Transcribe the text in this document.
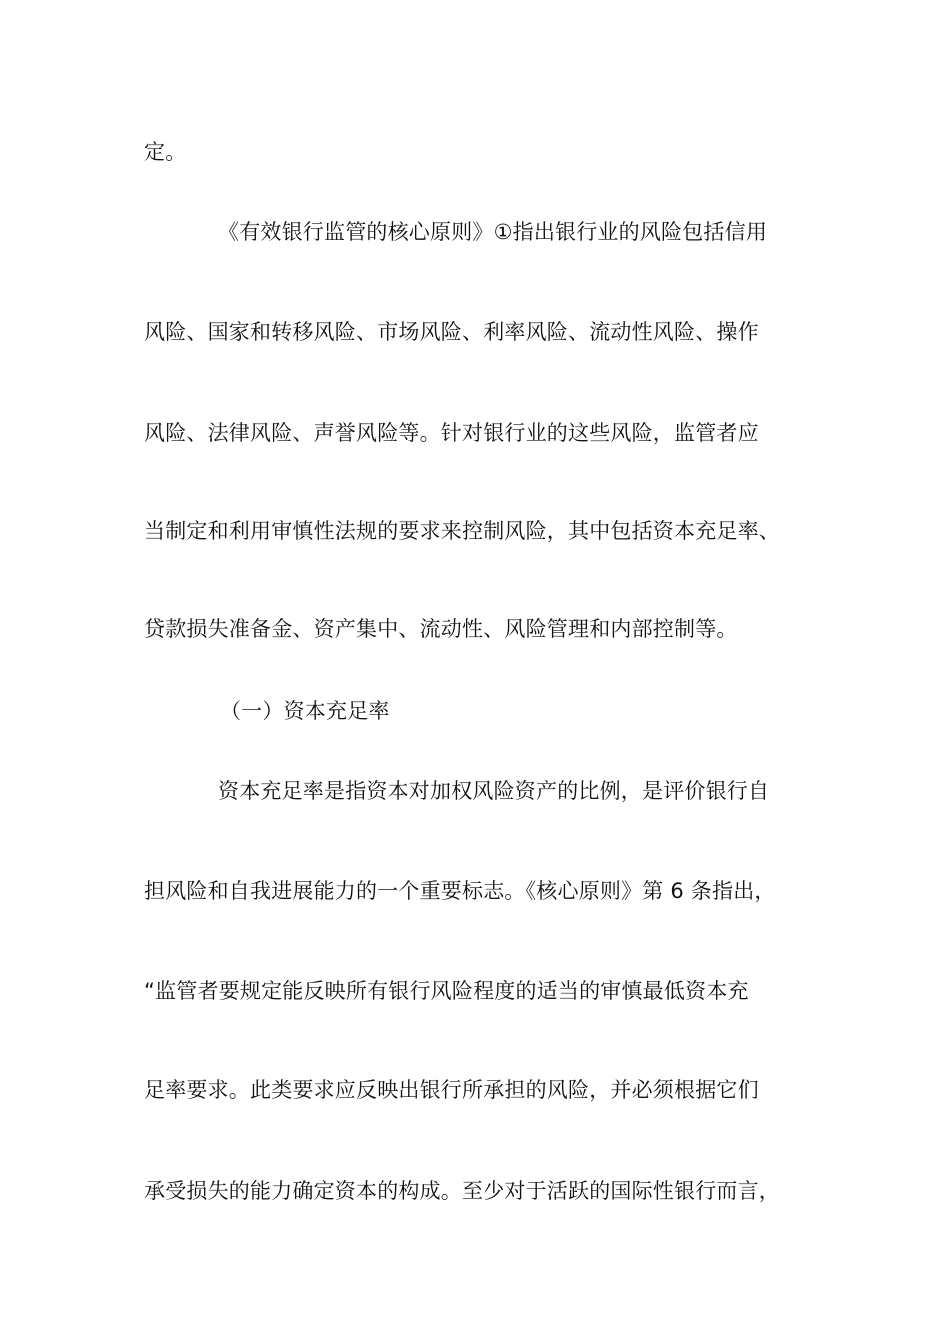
定。
《有效银行监管的核心原则》①指出银行业的风险包括信用
风险、国家和转移风险、市场风险、利率风险、流动性风险、操作
风险、法律风险、声誉风险等。针对银行业的这些风险，监管者应
当制定和利用审慎性法规的要求来控制风险，其中包括资本充足率、
贷款损失准备金、资产集中、流动性、风险管理和内部控制等。
（一）资本充足率
资本充足率是指资本对加权风险资产的比例，是评价银行自
担风险和自我进展能力的一个重要标志。《核心原则》第 6 条指出，
“监管者要规定能反映所有银行风险程度的适当的审慎最低资本充
足率要求。此类要求应反映出银行所承担的风险，并必须根据它们
承受损失的能力确定资本的构成。至少对于活跃的国际性银行而言，
